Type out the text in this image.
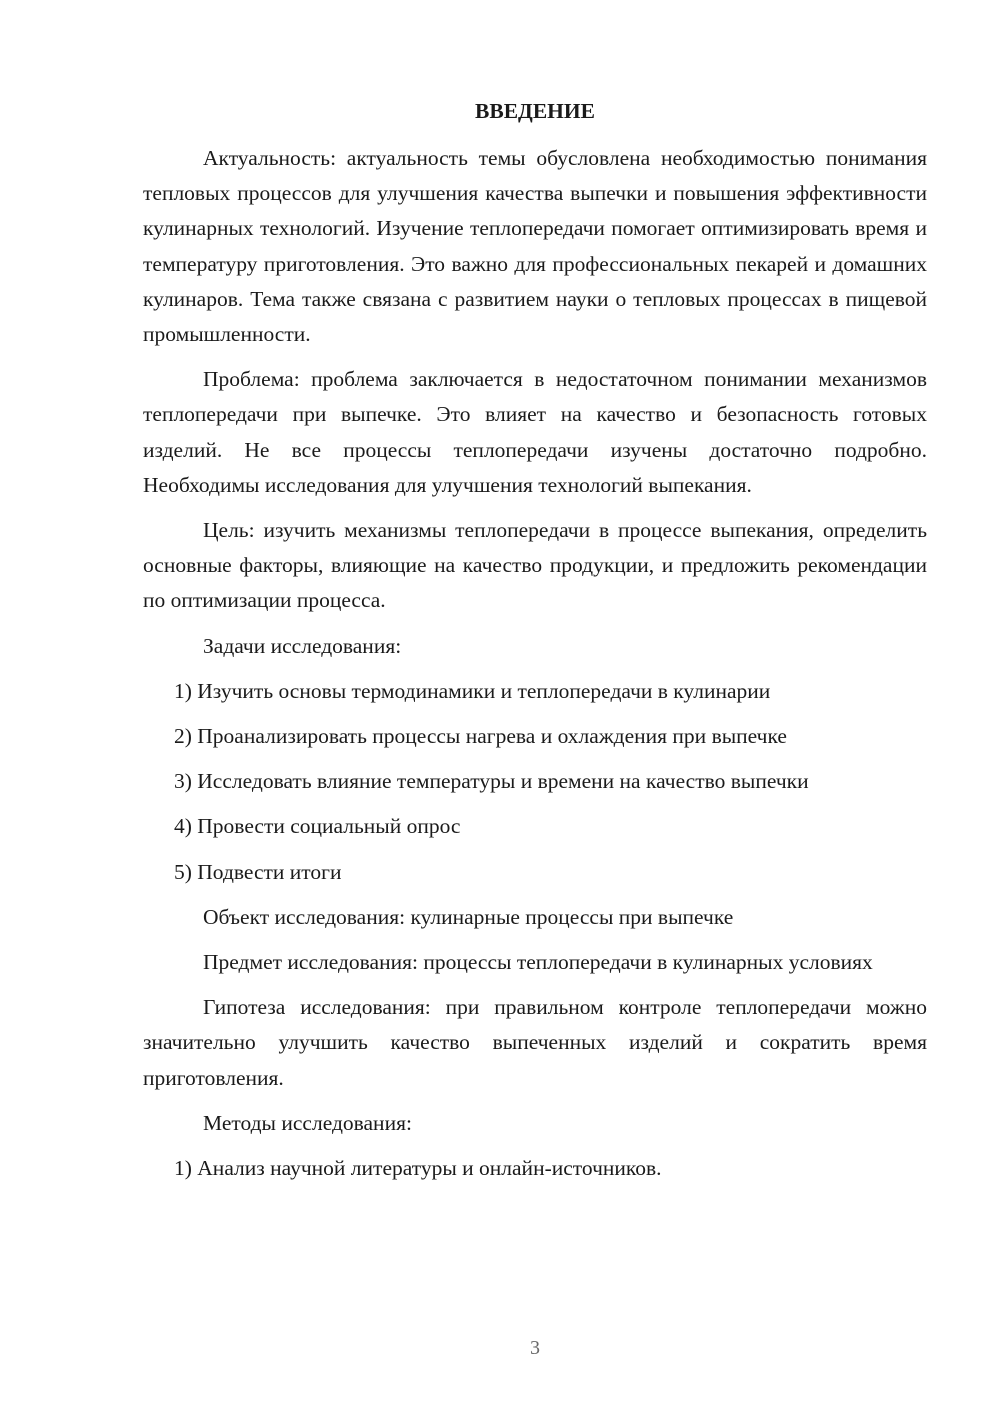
ВВЕДЕНИЕ

Актуальность: актуальность темы обусловлена необходимостью понимания тепловых процессов для улучшения качества выпечки и повышения эффективности кулинарных технологий. Изучение теплопередачи помогает оптимизировать время и температуру приготовления. Это важно для профессиональных пекарей и домашних кулинаров. Тема также связана с развитием науки о тепловых процессах в пищевой промышленности.

Проблема: проблема заключается в недостаточном понимании механизмов теплопередачи при выпечке. Это влияет на качество и безопасность готовых изделий. Не все процессы теплопередачи изучены достаточно подробно. Необходимы исследования для улучшения технологий выпекания.

Цель: изучить механизмы теплопередачи в процессе выпекания, определить основные факторы, влияющие на качество продукции, и предложить рекомендации по оптимизации процесса.

Задачи исследования:

1) Изучить основы термодинамики и теплопередачи в кулинарии

2) Проанализировать процессы нагрева и охлаждения при выпечке

3) Исследовать влияние температуры и времени на качество выпечки

4) Провести социальный опрос

5) Подвести итоги

Объект исследования: кулинарные процессы при выпечке

Предмет исследования: процессы теплопередачи в кулинарных условиях

Гипотеза исследования: при правильном контроле теплопередачи можно значительно улучшить качество выпеченных изделий и сократить время приготовления.

Методы исследования:

1) Анализ научной литературы и онлайн-источников.

3
